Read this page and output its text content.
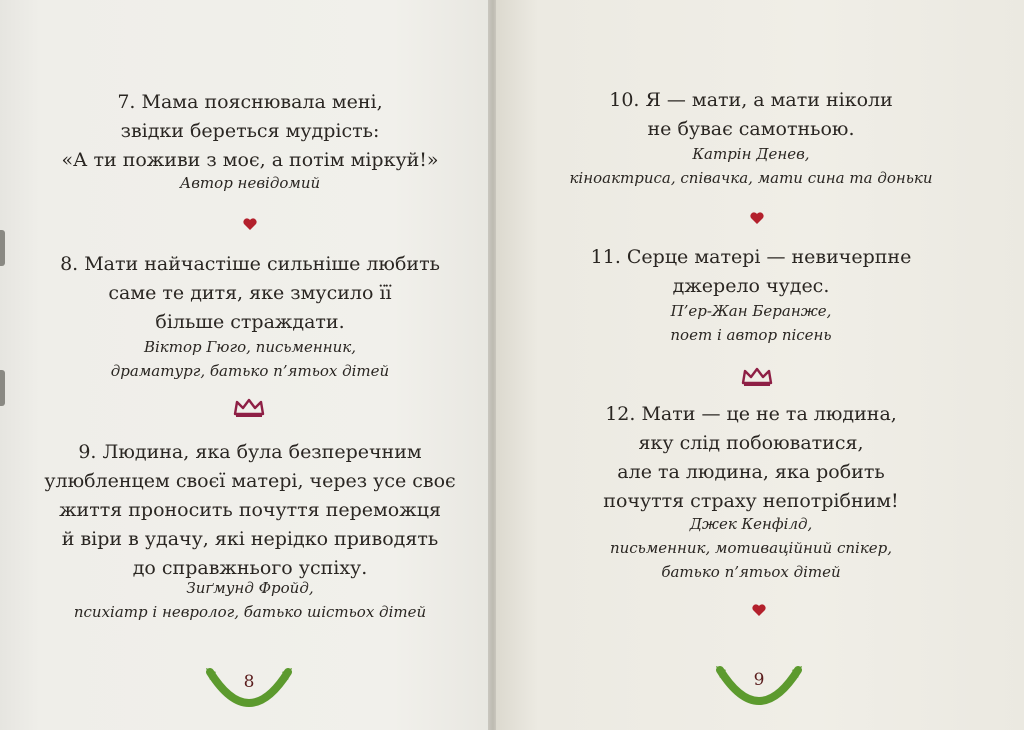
7. Мама пояснювала мені,
звідки береться мудрість:
«А ти поживи з моє, а потім міркуй!»
Автор невідомий
8. Мати найчастіше сильніше любить
саме те дитя, яке змусило її
більше страждати.
Віктор Гюго, письменник,
драматург, батько п’ятьох дітей
9. Людина, яка була безперечним
улюбленцем своєї матері, через усе своє
життя проносить почуття переможця
й віри в удачу, які нерідко приводять
до справжнього успіху.
Зиґмунд Фройд,
психіатр і невролог, батько шістьох дітей
8
10. Я — мати, а мати ніколи
не буває самотньою.
Катрін Денев,
кіноактриса, співачка, мати сина та доньки
11. Серце матері — невичерпне
джерело чудес.
П’ер-Жан Беранже,
поет і автор пісень
12. Мати — це не та людина,
яку слід побоюватися,
але та людина, яка робить
почуття страху непотрібним!
Джек Кенфілд,
письменник, мотиваційний спікер,
батько п’ятьох дітей
9
